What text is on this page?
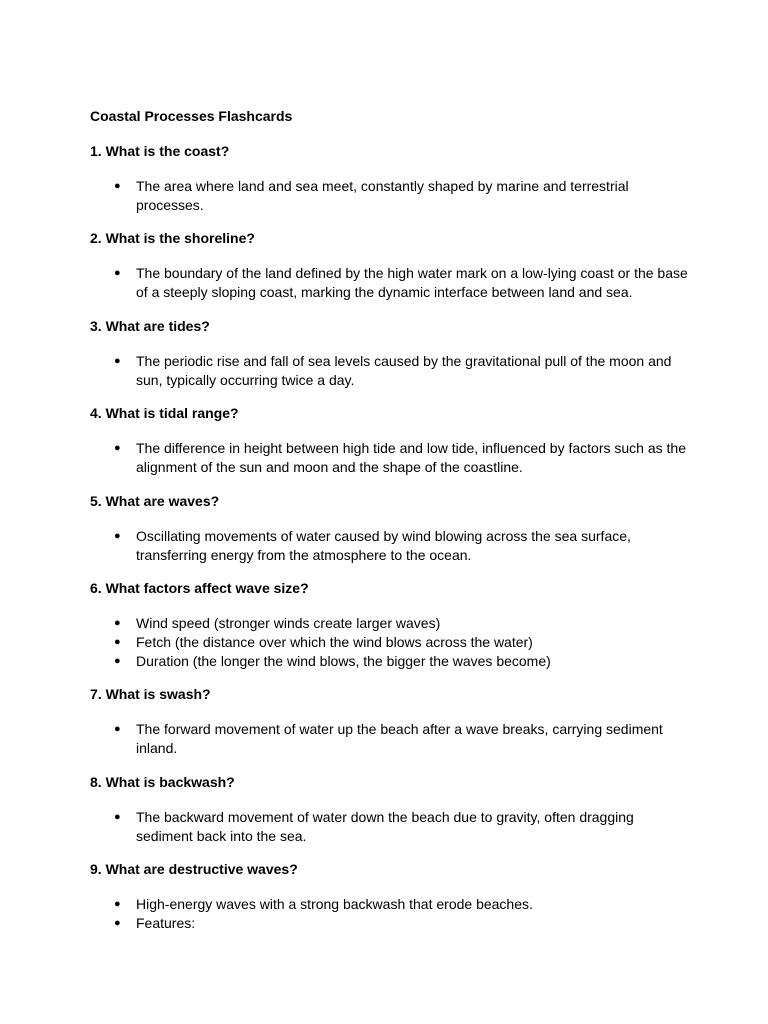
Coastal Processes Flashcards

1. What is the coast?

● The area where land and sea meet, constantly shaped by marine and terrestrial processes.

2. What is the shoreline?

● The boundary of the land defined by the high water mark on a low-lying coast or the base of a steeply sloping coast, marking the dynamic interface between land and sea.

3. What are tides?

● The periodic rise and fall of sea levels caused by the gravitational pull of the moon and sun, typically occurring twice a day.

4. What is tidal range?

● The difference in height between high tide and low tide, influenced by factors such as the alignment of the sun and moon and the shape of the coastline.

5. What are waves?

● Oscillating movements of water caused by wind blowing across the sea surface, transferring energy from the atmosphere to the ocean.

6. What factors affect wave size?

● Wind speed (stronger winds create larger waves)
● Fetch (the distance over which the wind blows across the water)
● Duration (the longer the wind blows, the bigger the waves become)

7. What is swash?

● The forward movement of water up the beach after a wave breaks, carrying sediment inland.

8. What is backwash?

● The backward movement of water down the beach due to gravity, often dragging sediment back into the sea.

9. What are destructive waves?

● High-energy waves with a strong backwash that erode beaches.
● Features:
